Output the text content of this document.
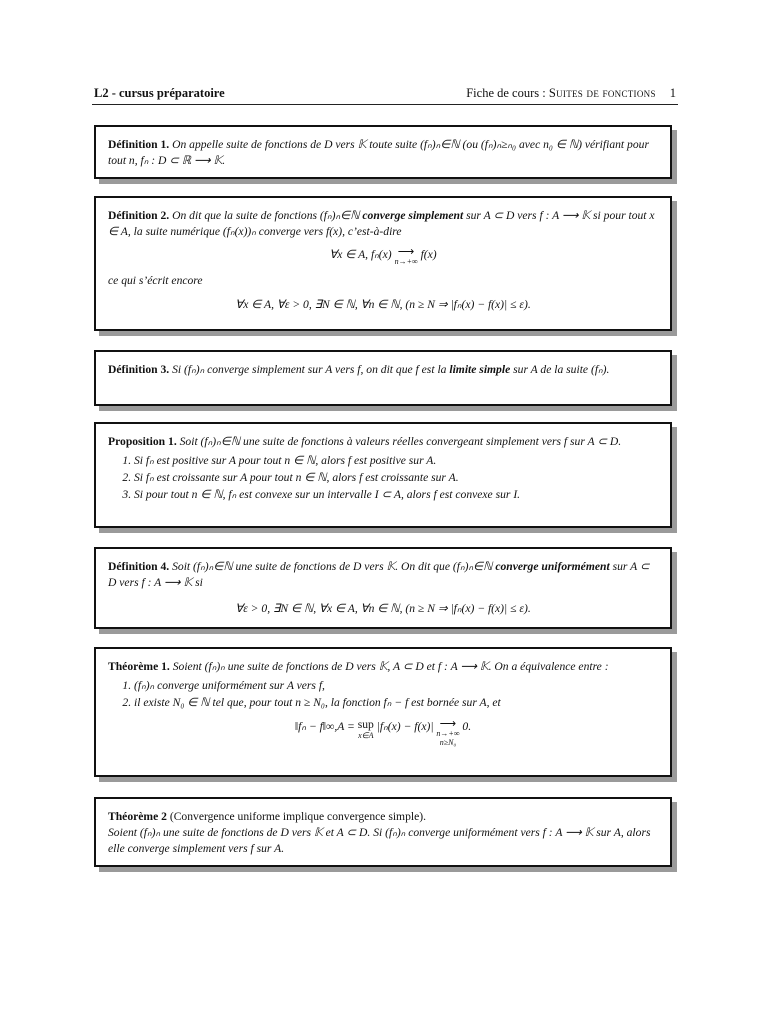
L2 - cursus préparatoire	Fiche de cours : Suites de fonctions 1

Définition 1. On appelle suite de fonctions de D vers 𝕂 toute suite (fₙ)ₙ∈ℕ (ou (fₙ)ₙ≥ₙ₀ avec n₀ ∈ ℕ) vérifiant pour tout n, fₙ : D ⊂ ℝ ⟶ 𝕂.

Définition 2. On dit que la suite de fonctions (fₙ)ₙ∈ℕ converge simplement sur A ⊂ D vers f : A ⟶ 𝕂 si pour tout x ∈ A, la suite numérique (fₙ(x))ₙ converge vers f(x), c’est-à-dire

∀x ∈ A, fₙ(x) ⟶
n→+∞
f(x)

ce qui s’écrit encore

∀x ∈ A, ∀ε > 0, ∃N ∈ ℕ, ∀n ∈ ℕ, (n ≥ N ⇒ |fₙ(x) − f(x)| ≤ ε).

Définition 3. Si (fₙ)ₙ converge simplement sur A vers f, on dit que f est la limite simple sur A de la suite (fₙ).

Proposition 1. Soit (fₙ)ₙ∈ℕ une suite de fonctions à valeurs réelles convergeant simplement vers f sur A ⊂ D.

1. Si fₙ est positive sur A pour tout n ∈ ℕ, alors f est positive sur A.
2. Si fₙ est croissante sur A pour tout n ∈ ℕ, alors f est croissante sur A.
3. Si pour tout n ∈ ℕ, fₙ est convexe sur un intervalle I ⊂ A, alors f est convexe sur I.

Définition 4. Soit (fₙ)ₙ∈ℕ une suite de fonctions de D vers 𝕂. On dit que (fₙ)ₙ∈ℕ converge uniformément sur A ⊂ D vers f : A ⟶ 𝕂 si

∀ε > 0, ∃N ∈ ℕ, ∀x ∈ A, ∀n ∈ ℕ, (n ≥ N ⇒ |fₙ(x) − f(x)| ≤ ε).

Théorème 1. Soient (fₙ)ₙ une suite de fonctions de D vers 𝕂, A ⊂ D et f : A ⟶ 𝕂. On a équivalence entre :

1. (fₙ)ₙ converge uniformément sur A vers f,
2. il existe N₀ ∈ ℕ tel que, pour tout n ≥ N₀, la fonction fₙ − f est bornée sur A, et
‖fₙ − f‖∞,A = sup
x∈A
|fₙ(x) − f(x)| ⟶
n→+∞
n≥N₀
0.

Théorème 2 (Convergence uniforme implique convergence simple).

Soient (fₙ)ₙ une suite de fonctions de D vers 𝕂 et A ⊂ D. Si (fₙ)ₙ converge uniformément vers f : A ⟶ 𝕂 sur A, alors elle converge simplement vers f sur A.
